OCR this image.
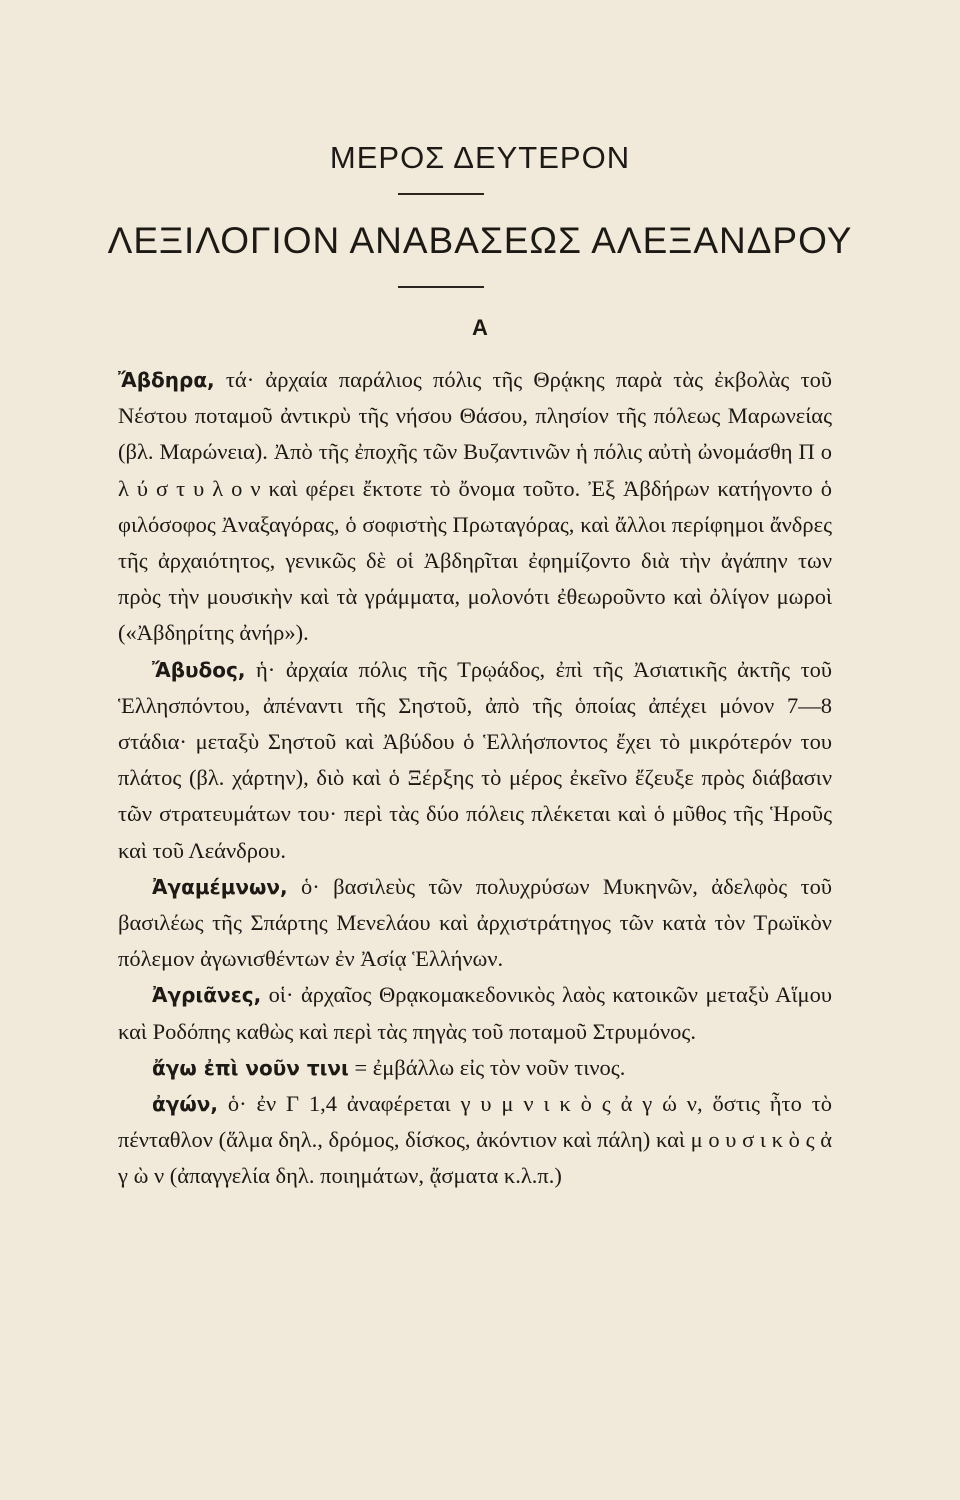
ΜΕΡΟΣ ΔΕΥΤΕΡΟΝ
ΛΕΞΙΛΟΓΙΟΝ ΑΝΑΒΑΣΕΩΣ ΑΛΕΞΑΝΔΡΟΥ
Α

Ἄβδηρα, τά· ἀρχαία παράλιος πόλις τῆς Θρᾴκης παρὰ τὰς ἐκβολὰς τοῦ Νέστου ποταμοῦ ἀντικρὺ τῆς νήσου Θάσου, πλησίον τῆς πόλεως Μαρωνείας (βλ. Μαρώνεια). Ἀπὸ τῆς ἐποχῆς τῶν Βυζαντινῶν ἡ πόλις αὐτὴ ὠνομάσθη Π ο λ ύ σ τ υ λ ο ν καὶ φέρει ἔκτοτε τὸ ὄνομα τοῦτο. Ἐξ Ἀβδήρων κατήγοντο ὁ φιλόσοφος Ἀναξαγόρας, ὁ σοφιστὴς Πρωταγόρας, καὶ ἄλλοι περίφημοι ἄνδρες τῆς ἀρχαιότητος, γενικῶς δὲ οἱ Ἀβδηρῖται ἐφημίζοντο διὰ τὴν ἀγάπην των πρὸς τὴν μουσικὴν καὶ τὰ γράμματα, μολονότι ἐθεωροῦντο καὶ ὀλίγον μωροὶ («Ἀβδηρίτης ἀνήρ»).

Ἄβυδος, ἡ· ἀρχαία πόλις τῆς Τρῳάδος, ἐπὶ τῆς Ἀσιατικῆς ἀκτῆς τοῦ Ἑλλησπόντου, ἀπέναντι τῆς Σηστοῦ, ἀπὸ τῆς ὁποίας ἀπέχει μόνον 7—8 στάδια· μεταξὺ Σηστοῦ καὶ Ἀβύδου ὁ Ἑλλήσποντος ἔχει τὸ μικρότερόν του πλάτος (βλ. χάρτην), διὸ καὶ ὁ Ξέρξης τὸ μέρος ἐκεῖνο ἔζευξε πρὸς διάβασιν τῶν στρατευμάτων του· περὶ τὰς δύο πόλεις πλέκεται καὶ ὁ μῦθος τῆς Ἡροῦς καὶ τοῦ Λεάνδρου.

Ἀγαμέμνων, ὁ· βασιλεὺς τῶν πολυχρύσων Μυκηνῶν, ἀδελφὸς τοῦ βασιλέως τῆς Σπάρτης Μενελάου καὶ ἀρχιστράτηγος τῶν κατὰ τὸν Τρωϊκὸν πόλεμον ἀγωνισθέντων ἐν Ἀσίᾳ Ἑλλήνων.

Ἀγριᾶνες, οἱ· ἀρχαῖος Θρᾳκομακεδονικὸς λαὸς κατοικῶν μεταξὺ Αἵμου καὶ Ροδόπης καθὼς καὶ περὶ τὰς πηγὰς τοῦ ποταμοῦ Στρυμόνος.

ἄγω ἐπὶ νοῦν τινι = ἐμβάλλω εἰς τὸν νοῦν τινος.

ἀγών, ὁ· ἐν Γ 1,4 ἀναφέρεται γ υ μ ν ι κ ὸ ς ἀ γ ώ ν, ὅστις ἦτο τὸ πένταθλον (ἅλμα δηλ., δρόμος, δίσκος, ἀκόντιον καὶ πάλη) καὶ μ ο υ σ ι κ ὸ ς ἀ γ ὼ ν (ἀπαγγελία δηλ. ποιημάτων, ᾄσματα κ.λ.π.)
